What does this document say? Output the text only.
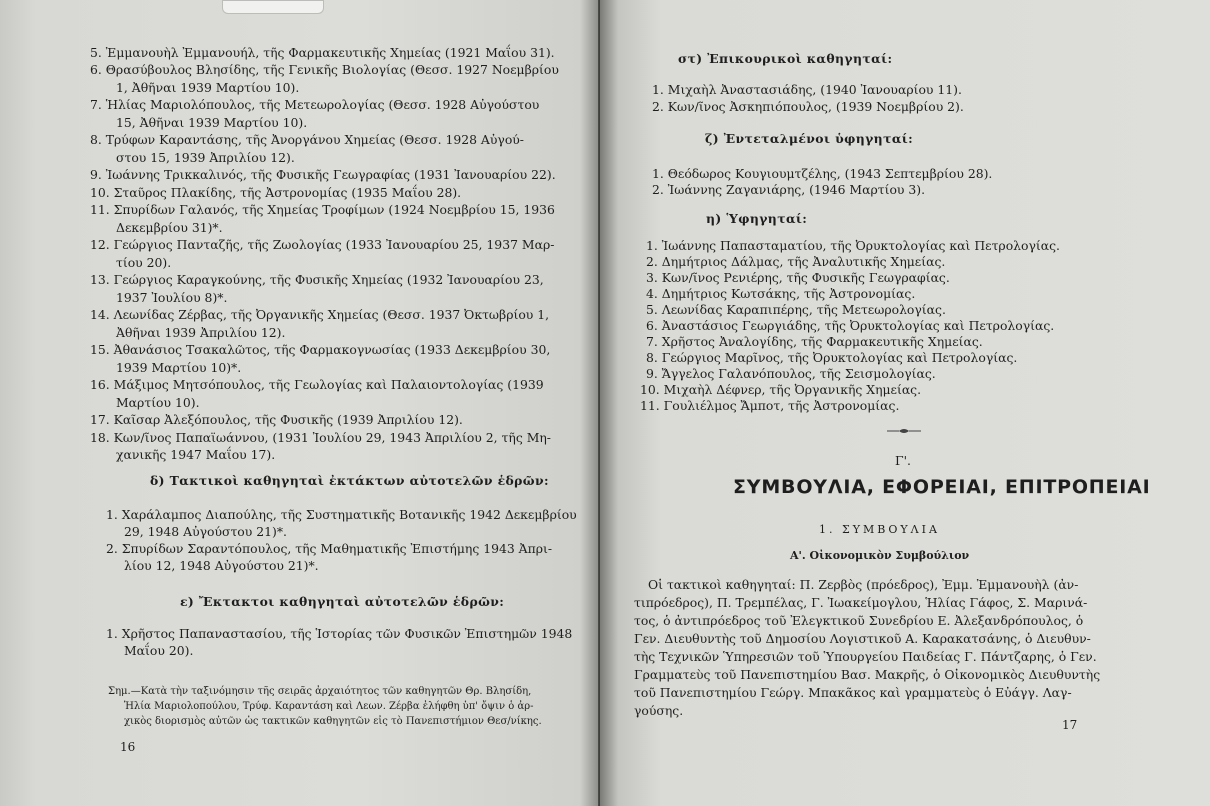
5. Ἐμμανουὴλ Ἐμμανουήλ, τῆς Φαρμακευτικῆς Χημείας (1921 Μαΐου 31).
6. Θρασύβουλος Βλησίδης, τῆς Γενικῆς Βιολογίας (Θεσσ. 1927 Νοεμβρίου
1, Ἀθῆναι 1939 Μαρτίου 10).
7. Ἡλίας Μαριολόπουλος, τῆς Μετεωρολογίας (Θεσσ. 1928 Αὐγούστου
15, Ἀθῆναι 1939 Μαρτίου 10).
8. Τρύφων Καραντάσης, τῆς Ἀνοργάνου Χημείας (Θεσσ. 1928 Αὐγού-
στου 15, 1939 Ἀπριλίου 12).
9. Ἰωάννης Τρικκαλινός, τῆς Φυσικῆς Γεωγραφίας (1931 Ἰανουαρίου 22).
10. Σταῦρος Πλακίδης, τῆς Ἀστρονομίας (1935 Μαΐου 28).
11. Σπυρίδων Γαλανός, τῆς Χημείας Τροφίμων (1924 Νοεμβρίου 15, 1936
Δεκεμβρίου 31)*.
12. Γεώργιος Πανταζῆς, τῆς Ζωολογίας (1933 Ἰανουαρίου 25, 1937 Μαρ-
τίου 20).
13. Γεώργιος Καραγκούνης, τῆς Φυσικῆς Χημείας (1932 Ἰανουαρίου 23,
1937 Ἰουλίου 8)*.
14. Λεωνίδας Ζέρβας, τῆς Ὀργανικῆς Χημείας (Θεσσ. 1937 Ὀκτωβρίου 1,
Ἀθῆναι 1939 Ἀπριλίου 12).
15. Ἀθανάσιος Τσακαλῶτος, τῆς Φαρμακογνωσίας (1933 Δεκεμβρίου 30,
1939 Μαρτίου 10)*.
16. Μάξιμος Μητσόπουλος, τῆς Γεωλογίας καὶ Παλαιοντολογίας (1939
Μαρτίου 10).
17. Καῖσαρ Ἀλεξόπουλος, τῆς Φυσικῆς (1939 Ἀπριλίου 12).
18. Κων/ῖνος Παπαϊωάννου, (1931 Ἰουλίου 29, 1943 Ἀπριλίου 2, τῆς Μη-
χανικῆς 1947 Μαΐου 17).
δ) Τακτικοὶ καθηγηταὶ ἐκτάκτων αὐτοτελῶν ἑδρῶν:
1. Χαράλαμπος Διαπούλης, τῆς Συστηματικῆς Βοτανικῆς 1942 Δεκεμβρίου
29, 1948 Αὐγούστου 21)*.
2. Σπυρίδων Σαραντόπουλος, τῆς Μαθηματικῆς Ἐπιστήμης 1943 Ἀπρι-
λίου 12, 1948 Αὐγούστου 21)*.
ε) Ἔκτακτοι καθηγηταὶ αὐτοτελῶν ἑδρῶν:
1. Χρῆστος Παπαναστασίου, τῆς Ἱστορίας τῶν Φυσικῶν Ἐπιστημῶν 1948
Μαΐου 20).
Σημ.—Κατὰ τὴν ταξινόμησιν τῆς σειρᾶς ἀρχαιότητος τῶν καθηγητῶν Θρ. Βλησίδη,
Ἡλία Μαριολοπούλου, Τρύφ. Καραντάση καὶ Λεων. Ζέρβα ἐλήφθη ὑπ' ὄψιν ὁ ἀρ-
χικὸς διορισμὸς αὐτῶν ὡς τακτικῶν καθηγητῶν εἰς τὸ Πανεπιστήμιον Θεσ/νίκης.
16
στ) Ἐπικουρικοὶ καθηγηταί:
1. Μιχαὴλ Ἀναστασιάδης, (1940 Ἰανουαρίου 11).
2. Κων/ῖνος Ἀσκηπιόπουλος, (1939 Νοεμβρίου 2).
ζ) Ἐντεταλμένοι ὑφηγηταί:
1. Θεόδωρος Κουγιουμτζέλης, (1943 Σεπτεμβρίου 28).
2. Ἰωάννης Ζαγανιάρης, (1946 Μαρτίου 3).
η) Ὑφηγηταί:
1. Ἰωάννης Παπασταματίου, τῆς Ὀρυκτολογίας καὶ Πετρολογίας.
2. Δημήτριος Δάλμας, τῆς Ἀναλυτικῆς Χημείας.
3. Κων/ῖνος Ρενιέρης, τῆς Φυσικῆς Γεωγραφίας.
4. Δημήτριος Κωτσάκης, τῆς Ἀστρονομίας.
5. Λεωνίδας Καραπιπέρης, τῆς Μετεωρολογίας.
6. Ἀναστάσιος Γεωργιάδης, τῆς Ὀρυκτολογίας καὶ Πετρολογίας.
7. Χρῆστος Ἀναλογίδης, τῆς Φαρμακευτικῆς Χημείας.
8. Γεώργιος Μαρῖνος, τῆς Ὀρυκτολογίας καὶ Πετρολογίας.
9. Ἄγγελος Γαλανόπουλος, τῆς Σεισμολογίας.
10. Μιχαὴλ Δέφνερ, τῆς Ὀργανικῆς Χημείας.
11. Γουλιέλμος Ἄμποτ, τῆς Ἀστρονομίας.
Γ'.
ΣΥΜΒΟΥΛΙΑ, ΕΦΟΡΕΙΑΙ, ΕΠΙΤΡΟΠΕΙΑΙ
1. ΣΥΜΒΟΥΛΙΑ
Α'. Οἰκονομικὸν Συμβούλιον
Οἱ τακτικοὶ καθηγηταί: Π. Ζερβὸς (πρόεδρος), Ἐμμ. Ἐμμανουὴλ (ἀν-
τιπρόεδρος), Π. Τρεμπέλας, Γ. Ἰωακείμογλου, Ἡλίας Γάφος, Σ. Μαρινά-
τος, ὁ ἀντιπρόεδρος τοῦ Ἐλεγκτικοῦ Συνεδρίου Ε. Ἀλεξανδρόπουλος, ὁ
Γεν. Διευθυντὴς τοῦ Δημοσίου Λογιστικοῦ Α. Καρακατσάνης, ὁ Διευθυν-
τὴς Τεχνικῶν Ὑπηρεσιῶν τοῦ Ὑπουργείου Παιδείας Γ. Πάντζαρης, ὁ Γεν.
Γραμματεὺς τοῦ Πανεπιστημίου Βασ. Μακρῆς, ὁ Οἰκονομικὸς Διευθυντὴς
τοῦ Πανεπιστημίου Γεώργ. Μπακᾶκος καὶ γραμματεὺς ὁ Εὐάγγ. Λαγ-
γούσης.
17
